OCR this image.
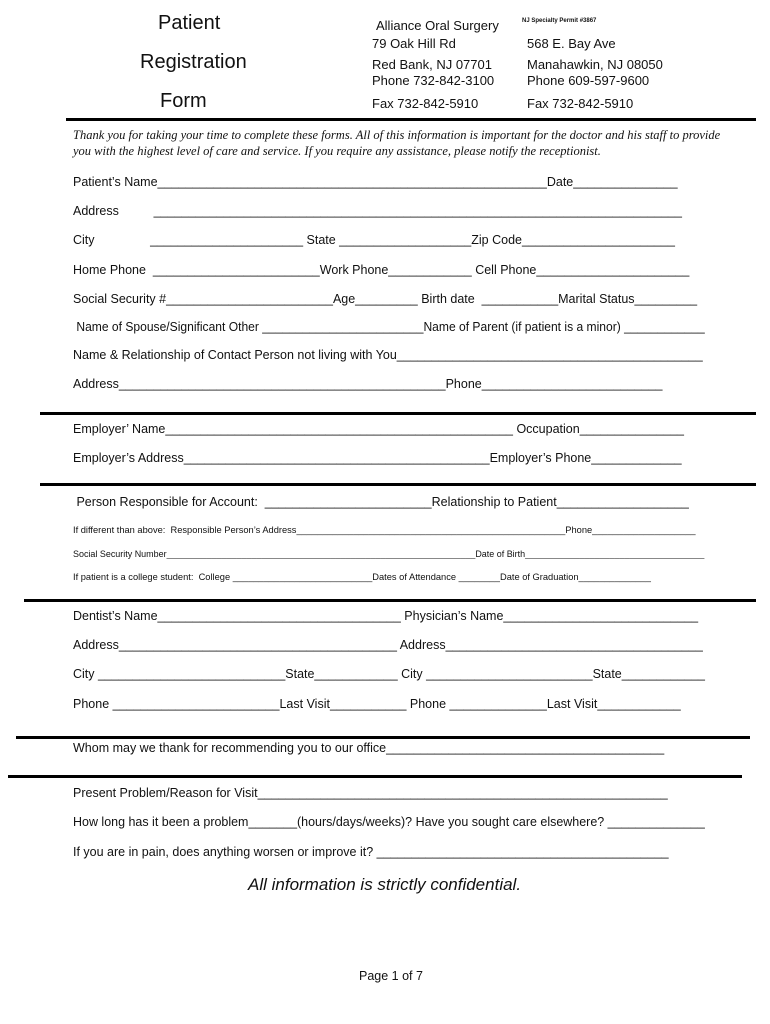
Patient
Registration
Form
Alliance Oral Surgery
79 Oak Hill Rd
Red Bank, NJ 07701
Phone 732-842-3100
Fax 732-842-5910
NJ Specialty Permit #3867
568 E. Bay Ave
Manahawkin, NJ 08050
Phone 609-597-9600
Fax 732-842-5910
Thank you for taking your time to complete these forms. All of this information is important for the doctor and his staff to provide you with the highest level of care and service. If you require any assistance, please notify the receptionist.
Patient’s Name________________________________________________________Date_______________
Address          ____________________________________________________________________________
City                ______________________ State ___________________Zip Code______________________
Home Phone  ________________________Work Phone____________ Cell Phone______________________
Social Security #________________________Age_________ Birth date  ___________Marital Status_________
Name of Spouse/Significant Other ________________________Name of Parent (if patient is a minor) ____________
Name & Relationship of Contact Person not living with You____________________________________________
Address_______________________________________________Phone__________________________
Employer’ Name__________________________________________________ Occupation_______________
Employer’s Address____________________________________________Employer’s Phone_____________
Person Responsible for Account:  ________________________Relationship to Patient___________________
If different than above:  Responsible Person’s Address____________________________________________________Phone____________________
Social Security Number______________________________________________________________Date of Birth____________________________________
If patient is a college student:  College ___________________________Dates of Attendance ________Date of Graduation______________
Dentist’s Name___________________________________ Physician’s Name____________________________
Address________________________________________ Address_____________________________________
City ___________________________State____________ City ________________________State____________
Phone ________________________Last Visit___________ Phone ______________Last Visit____________
Whom may we thank for recommending you to our office________________________________________
Present Problem/Reason for Visit___________________________________________________________
How long has it been a problem_______(hours/days/weeks)? Have you sought care elsewhere? ______________
If you are in pain, does anything worsen or improve it? __________________________________________
All information is strictly confidential.
Page 1 of 7
